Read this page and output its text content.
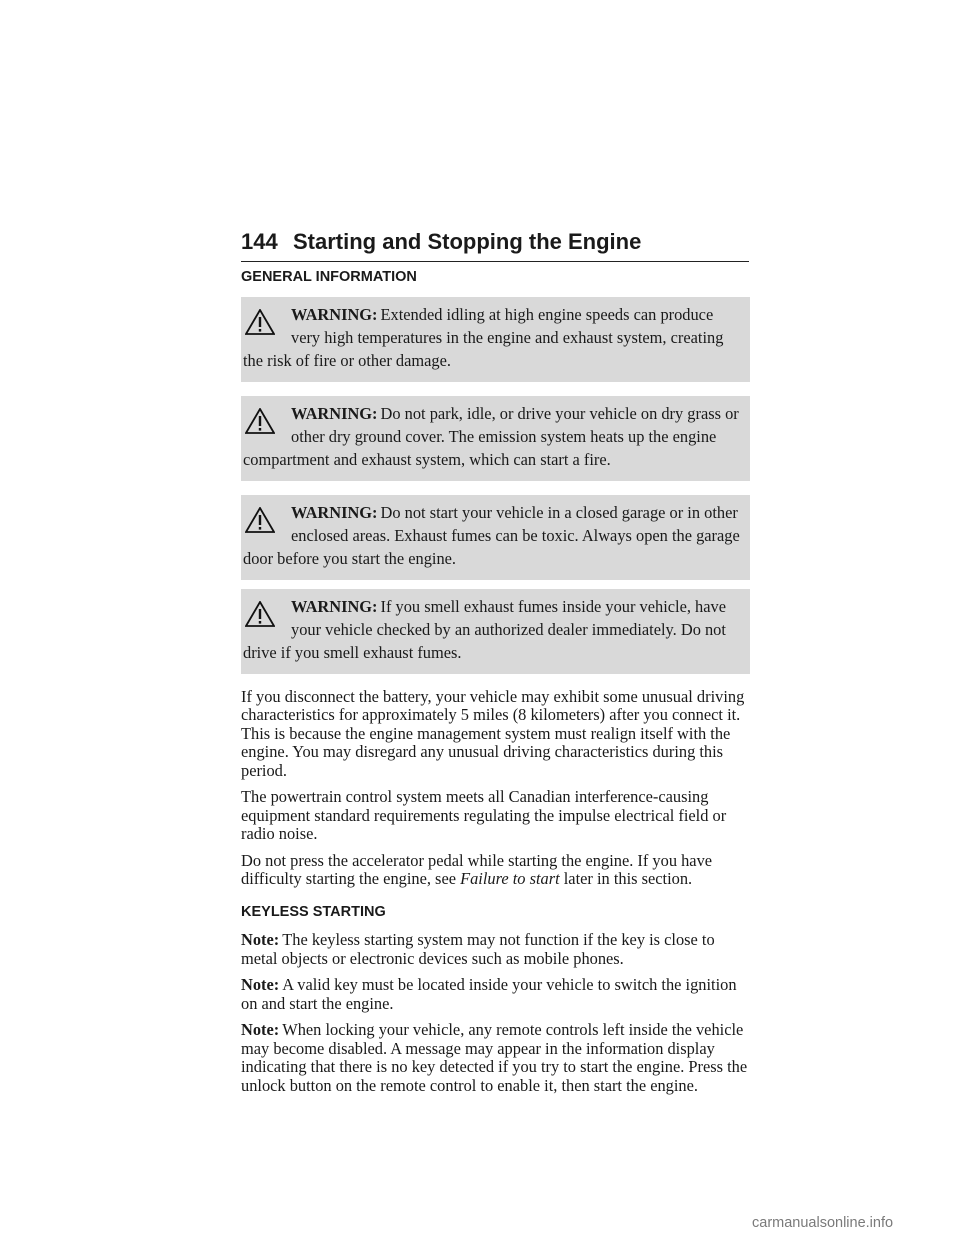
144 Starting and Stopping the Engine
GENERAL INFORMATION
WARNING: Extended idling at high engine speeds can produce very high temperatures in the engine and exhaust system, creating the risk of fire or other damage.
WARNING: Do not park, idle, or drive your vehicle on dry grass or other dry ground cover. The emission system heats up the engine compartment and exhaust system, which can start a fire.
WARNING: Do not start your vehicle in a closed garage or in other enclosed areas. Exhaust fumes can be toxic. Always open the garage door before you start the engine.
WARNING: If you smell exhaust fumes inside your vehicle, have your vehicle checked by an authorized dealer immediately. Do not drive if you smell exhaust fumes.

If you disconnect the battery, your vehicle may exhibit some unusual driving characteristics for approximately 5 miles (8 kilometers) after you connect it. This is because the engine management system must realign itself with the engine. You may disregard any unusual driving characteristics during this period.

The powertrain control system meets all Canadian interference-causing equipment standard requirements regulating the impulse electrical field or radio noise.

Do not press the accelerator pedal while starting the engine. If you have difficulty starting the engine, see Failure to start later in this section.

KEYLESS STARTING

Note: The keyless starting system may not function if the key is close to metal objects or electronic devices such as mobile phones.

Note: A valid key must be located inside your vehicle to switch the ignition on and start the engine.

Note: When locking your vehicle, any remote controls left inside the vehicle may become disabled. A message may appear in the information display indicating that there is no key detected if you try to start the engine. Press the unlock button on the remote control to enable it, then start the engine.

carmanualsonline.info
